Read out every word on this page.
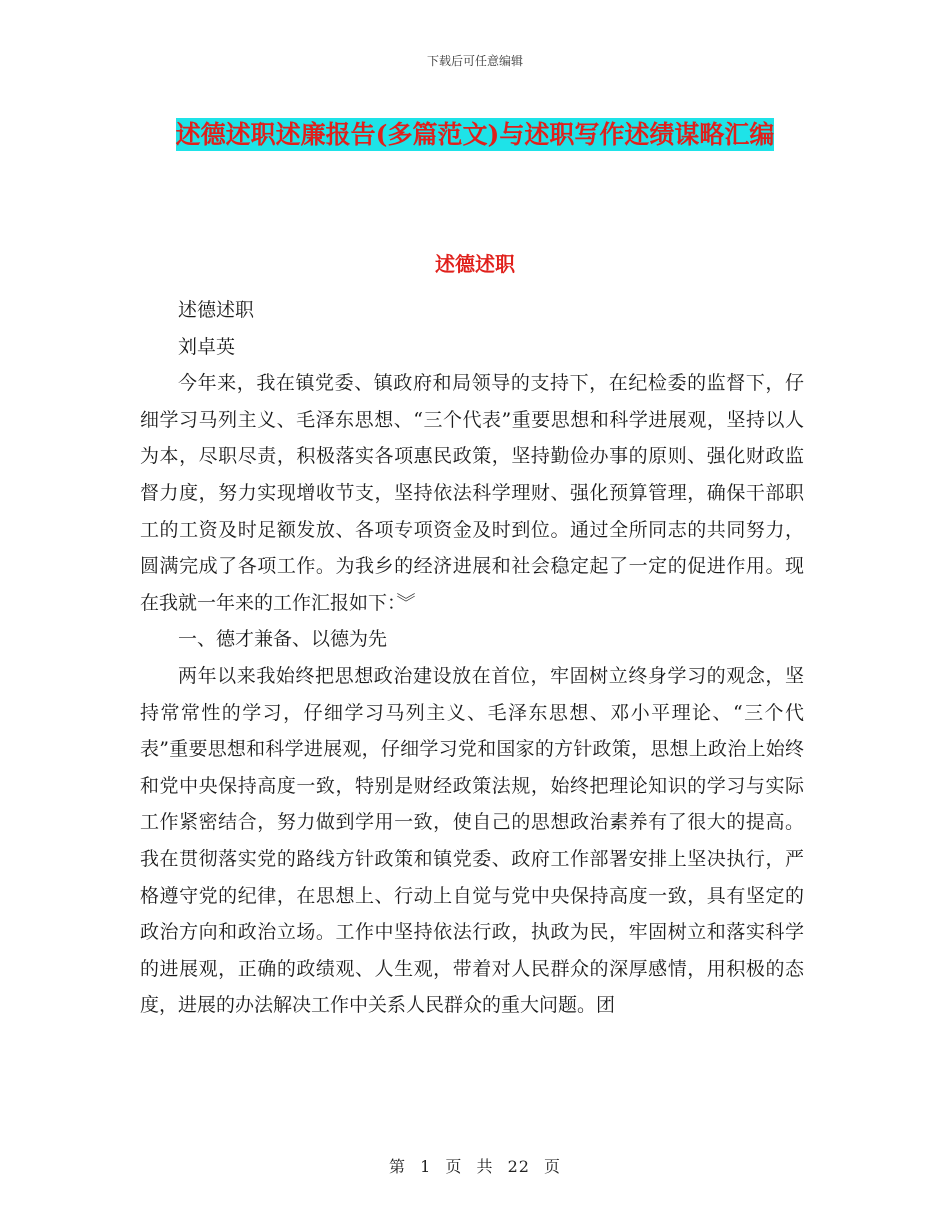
下载后可任意编辑
述德述职述廉报告(多篇范文)与述职写作述绩谋略汇编
述德述职

述德述职

刘卓英

今年来，我在镇党委、镇政府和局领导的支持下，在纪检委的监督下，仔细学习马列主义、毛泽东思想、“三个代表”重要思想和科学进展观，坚持以人为本，尽职尽责，积极落实各项惠民政策，坚持勤俭办事的原则、强化财政监督力度，努力实现增收节支，坚持依法科学理财、强化预算管理，确保干部职工的工资及时足额发放、各项专项资金及时到位。通过全所同志的共同努力，圆满完成了各项工作。为我乡的经济进展和社会稳定起了一定的促进作用。现在我就一年来的工作汇报如下：︾

一、德才兼备、以德为先

两年以来我始终把思想政治建设放在首位，牢固树立终身学习的观念，坚持常常性的学习，仔细学习马列主义、毛泽东思想、邓小平理论、“三个代表”重要思想和科学进展观，仔细学习党和国家的方针政策，思想上政治上始终和党中央保持高度一致，特别是财经政策法规，始终把理论知识的学习与实际工作紧密结合，努力做到学用一致，使自己的思想政治素养有了很大的提高。我在贯彻落实党的路线方针政策和镇党委、政府工作部署安排上坚决执行，严格遵守党的纪律，在思想上、行动上自觉与党中央保持高度一致，具有坚定的政治方向和政治立场。工作中坚持依法行政，执政为民，牢固树立和落实科学的进展观，正确的政绩观、人生观，带着对人民群众的深厚感情，用积极的态度，进展的办法解决工作中关系人民群众的重大问题。团

第 1 页 共 22 页
